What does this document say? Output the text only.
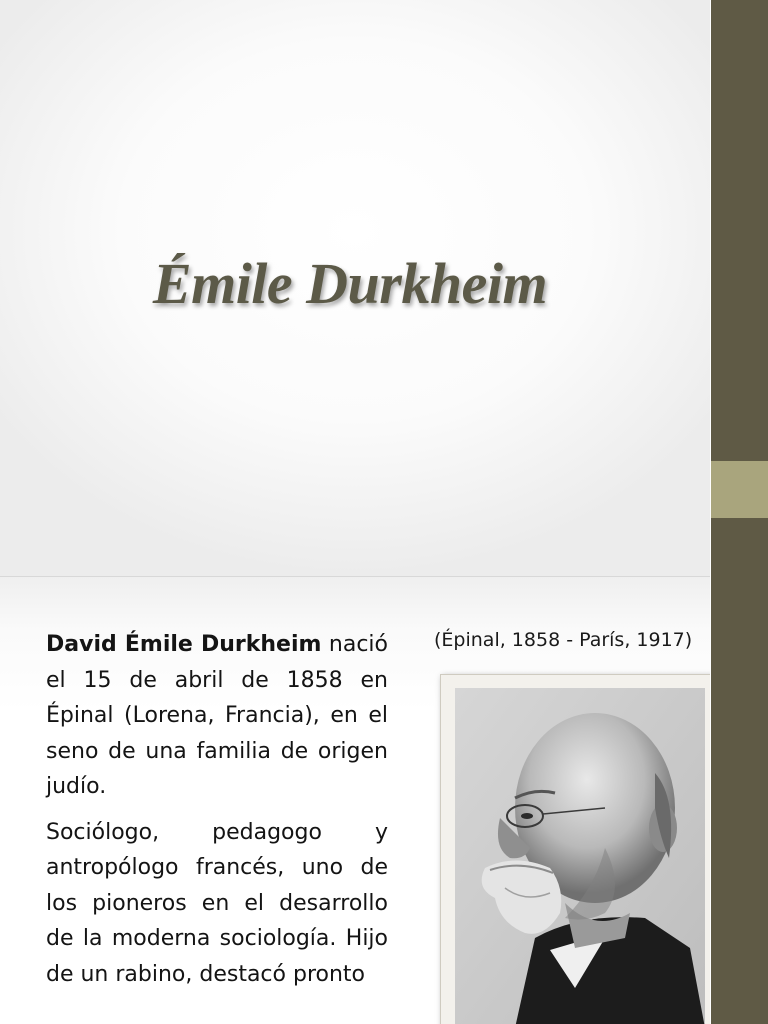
Émile Durkheim

David Émile Durkheim nació el 15 de abril de 1858 en Épinal (Lorena, Francia), en el seno de una familia de origen judío.

Sociólogo, pedagogo y antropólogo francés, uno de los pioneros en el desarrollo de la moderna sociología. Hijo de un rabino, destacó pronto

(Épinal, 1858 - París, 1917)
